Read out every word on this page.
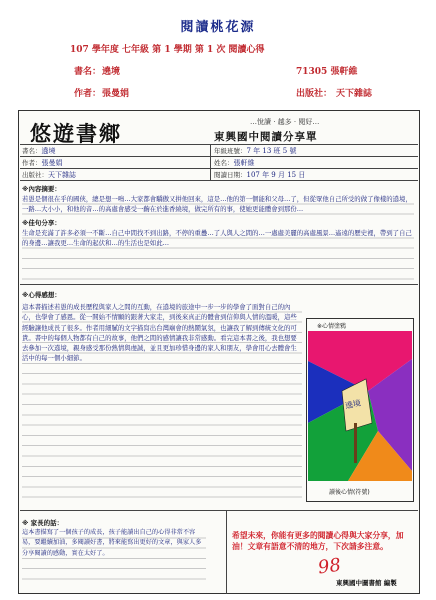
閱讀桃花源
107 學年度 七年級 第 1 學期 第 1 次 閱讀心得
書名： 遶境	71305 張軒維
作者： 張曼娟	出版社： 天下雜誌
悠遊書鄉	…悅讀 · 越多 · 閱好…
東興國中閱讀分享單
書名：遶境	年級班號：7 年 13 班 5 號
作者：張曼娟	姓名：張軒維
出版社：天下雜誌	閱讀日期：107 年 9 月 15 日
※內容摘要：
若愚是個很在乎的國俠，總是想一鳴…大家都會驕傲又拼他回來，這是…他的第一個能和父母…了，但從眾他自己所受的做了像樣的遶境，一路…大小小，和他的音…的高處會感受一齣在於進香繞境，做完所有的事，使她更能體會到那份…
※佳句分享：
生命是充滿了許多必須一不斷…自己中間找不到出路，不停的重疊…了人與人之間的…一處處美麗的高處風景…遙遠的歷史裡，帶到了自己的身邊…讓我更…生命的起伏和…的生活也是如此…
※心得感想：
這本書描述若愚的成長歷程與家人之間的互動，在遶境的旅途中一步一步的學會了面對自己的內心，也學會了感恩。從一開始不情願的跟著大家走，到後來真正的體會到信仰與人情的溫暖，這些經驗讓他成長了很多。作者用細膩的文字描寫出台灣廟會的熱鬧氣氛，也讓我了解到傳統文化的可貴。書中的每個人物都有自己的故事，他們之間的感情讓我非常感動。看完這本書之後，我也想要去參加一次遶境，親身感受那份熱情與虔誠，並且更加珍惜身邊的家人和朋友，學會用心去體會生活中的每一個小細節。
※心情塗鴉
遶境
讀後心情(符號)
※ 家長的話：
這本書描寫了一個孩子的成長，孩子能讀出自己的心得非常不容易，要繼續加油，多閱讀好書，將來能寫出更好的文章，與家人多分享閱讀的感動，實在太好了。
希望未來，你能有更多的閱讀心得與大家分享，加油！文章有語意不清的地方，下次請多注意。
98
東興國中圖書館 編製
